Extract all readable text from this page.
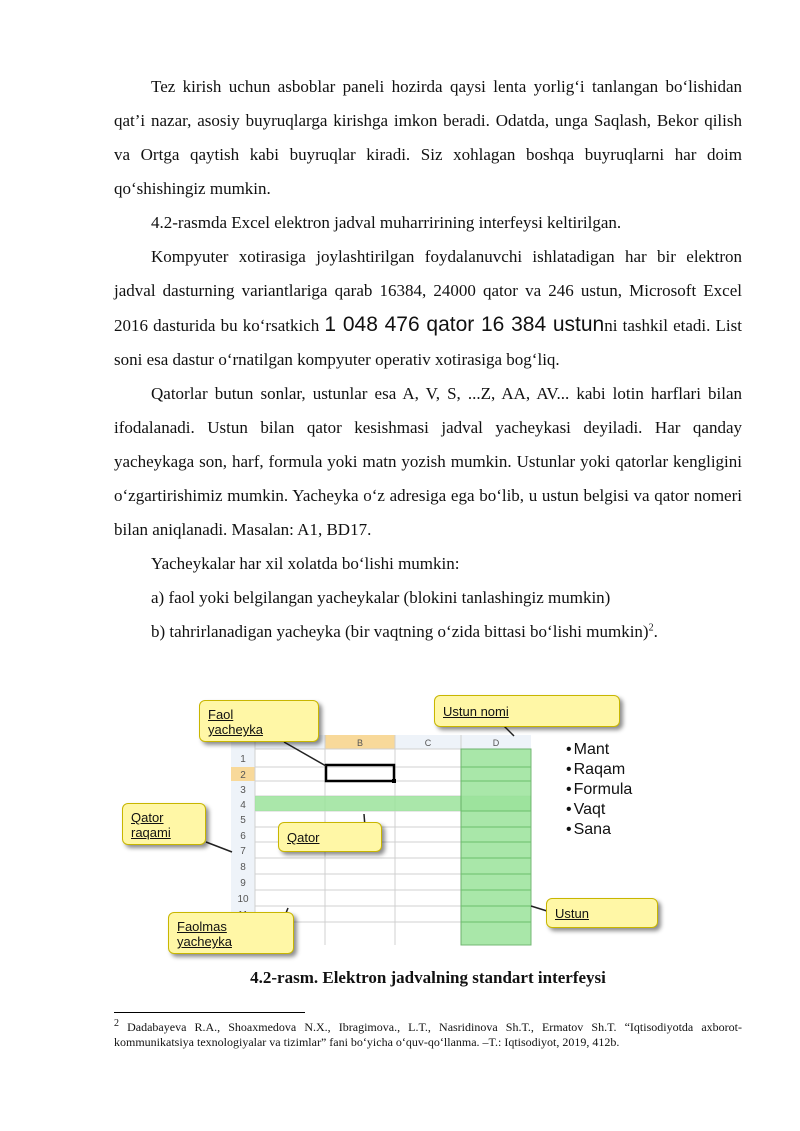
Tez kirish uchun asboblar paneli hozirda qaysi lenta yorlig‘i tanlangan bo‘lishidan qat’i nazar, asosiy buyruqlarga kirishga imkon beradi. Odatda, unga Saqlash, Bekor qilish va Ortga qaytish kabi buyruqlar kiradi. Siz xohlagan boshqa buyruqlarni har doim qo‘shishingiz mumkin.

4.2-rasmda Excel elektron jadval muharririning interfeysi keltirilgan.

Kompyuter xotirasiga joylashtirilgan foydalanuvchi ishlatadigan har bir elektron jadval dasturning variantlariga qarab 16384, 24000 qator va 246 ustun, Microsoft Excel 2016 dasturida bu ko‘rsatkich 1 048 476 qator 16 384 ustunni tashkil etadi. List soni esa dastur o‘rnatilgan kompyuter operativ xotirasiga bog‘liq.

Qatorlar butun sonlar, ustunlar esa A, V, S, ...Z, AA, AV... kabi lotin harflari bilan ifodalanadi. Ustun bilan qator kesishmasi jadval yacheykasi deyiladi. Har qanday yacheykaga son, harf, formula yoki matn yozish mumkin. Ustunlar yoki qatorlar kengligini o‘zgartirishimiz mumkin. Yacheyka o‘z adresiga ega bo‘lib, u ustun belgisi va qator nomeri bilan aniqlanadi. Masalan: A1, BD17.

Yacheykalar har xil xolatda bo‘lishi mumkin:

a) faol yoki belgilangan yacheykalar (blokini tanlashingiz mumkin)

b) tahrirlanadigan yacheyka (bir vaqtning o‘zida bittasi bo‘lishi mumkin)$^2$.

B	C	D
1
2
3
4
5
6
7
8
9
10
Faol
yacheyka
Ustun nomi
Qator
raqami	Qator
Faolmas
yacheyka
Ustun
• Mant
• Raqam
• Formula
• Vaqt
• Sana
4.2-rasm. Elektron jadvalning standart interfeysi
$^2$ Dadabayeva R.A., Shoaxmedova N.X., Ibragimova., L.T., Nasridinova Sh.T., Ermatov Sh.T. “Iqtisodiyotda axborot-kommunikatsiya texnologiyalar va tizimlar” fani bo‘yicha o‘quv-qo‘llanma. –T.: Iqtisodiyot, 2019, 412b.
